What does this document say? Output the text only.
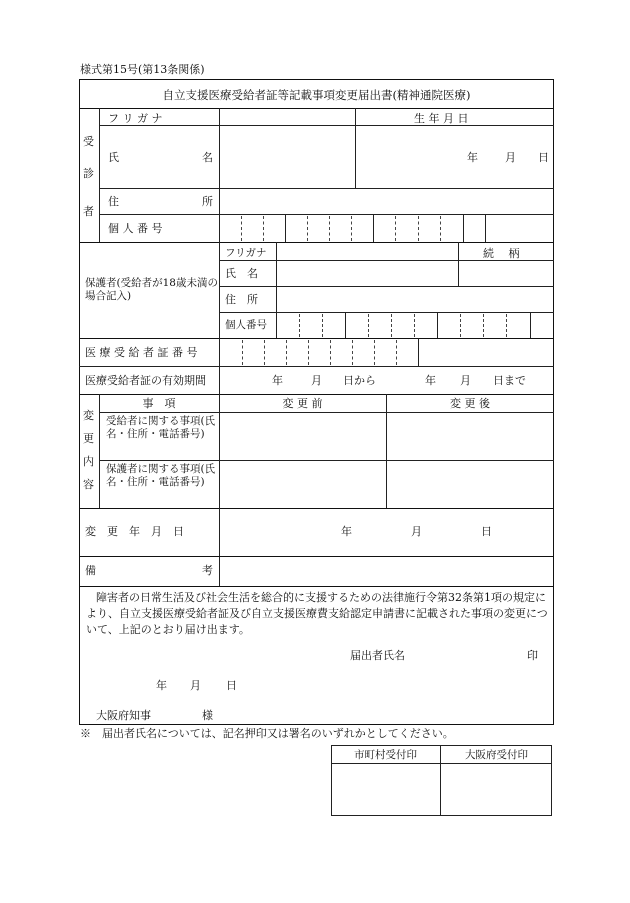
様式第15号(第13条関係)
自立支援医療受給者証等記載事項変更届出書(精神通院医療)
受
診
者
フ リ ガ ナ	生 年 月 日
氏	名	年 月 日
住	所
個 人 番 号
保護者(受給者が18歳未満の場合記入)
フリガナ	続　 柄
氏　名
住　所
個人番号
医 療 受 給 者 証 番 号
医療受給者証の有効期間	年	月 日から	年 月 日まで
変
更
内
容
事　項	変 更 前	変 更 後
受給者に関する事項(氏名・住所・電話番号)
保護者に関する事項(氏名・住所・電話番号)
変　更　年　月　日	年	月	日
備	考
障害者の日常生活及び社会生活を総合的に支援するための法律施行令第32条第1項の規定により、自立支援医療受給者証及び自立支援医療費支給認定申請書に記載された事項の変更について、上記のとおり届け出ます。
届出者氏名	印
年 月 日
大阪府知事	様
※　届出者氏名については、記名押印又は署名のいずれかとしてください。
市町村受付印	大阪府受付印
